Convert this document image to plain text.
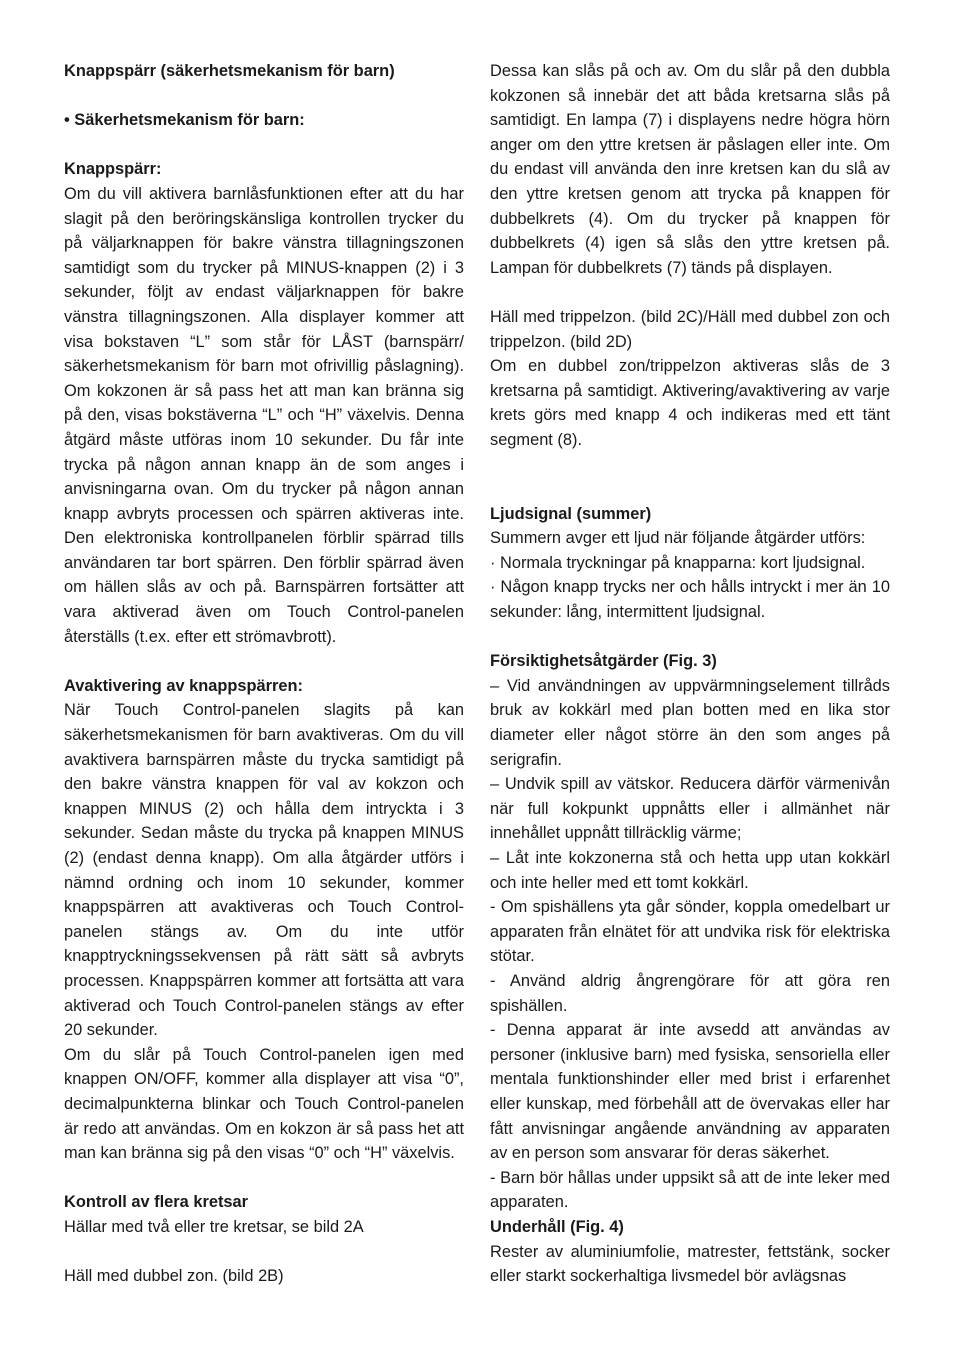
Knappspärr (säkerhetsmekanism för barn)

• Säkerhetsmekanism för barn:

Knappspärr:

Om du vill aktivera barnlåsfunktionen efter att du har slagit på den beröringskänsliga kontrollen trycker du på väljarknappen för bakre vänstra tillagningszonen samtidigt som du trycker på MINUS-knappen (2) i 3 sekunder, följt av endast väljarknappen för bakre vänstra tillagningszonen. Alla displayer kommer att visa bokstaven “L” som står för LÅST (barnspärr/ säkerhetsmekanism för barn mot ofrivillig påslagning). Om kokzonen är så pass het att man kan bränna sig på den, visas bokstäverna “L” och “H” växelvis. Denna åtgärd måste utföras inom 10 sekunder. Du får inte trycka på någon annan knapp än de som anges i anvisningarna ovan. Om du trycker på någon annan knapp avbryts processen och spärren aktiveras inte. Den elektroniska kontrollpanelen förblir spärrad tills användaren tar bort spärren. Den förblir spärrad även om hällen slås av och på. Barnspärren fortsätter att vara aktiverad även om Touch Control-panelen återställs (t.ex. efter ett strömavbrott).

Avaktivering av knappspärren:

När Touch Control-panelen slagits på kan säkerhetsmekanismen för barn avaktiveras. Om du vill avaktivera barnspärren måste du trycka samtidigt på den bakre vänstra knappen för val av kokzon och knappen MINUS (2) och hålla dem intryckta i 3 sekunder. Sedan måste du trycka på knappen MINUS (2) (endast denna knapp). Om alla åtgärder utförs i nämnd ordning och inom 10 sekunder, kommer knappspärren att avaktiveras och Touch Control-panelen stängs av. Om du inte utför knapptryckningssekvensen på rätt sätt så avbryts processen. Knappspärren kommer att fortsätta att vara aktiverad och Touch Control-panelen stängs av efter 20 sekunder.

Om du slår på Touch Control-panelen igen med knappen ON/OFF, kommer alla displayer att visa “0”, decimalpunkterna blinkar och Touch Control-panelen är redo att användas. Om en kokzon är så pass het att man kan bränna sig på den visas “0” och “H” växelvis.

Kontroll av flera kretsar

Hällar med två eller tre kretsar, se bild 2A

Häll med dubbel zon. (bild 2B)

Dessa kan slås på och av. Om du slår på den dubbla kokzonen så innebär det att båda kretsarna slås på samtidigt. En lampa (7) i displayens nedre högra hörn anger om den yttre kretsen är påslagen eller inte. Om du endast vill använda den inre kretsen kan du slå av den yttre kretsen genom att trycka på knappen för dubbelkrets (4). Om du trycker på knappen för dubbelkrets (4) igen så slås den yttre kretsen på. Lampan för dubbelkrets (7) tänds på displayen.

Häll med trippelzon. (bild 2C)/Häll med dubbel zon och trippelzon. (bild 2D)

Om en dubbel zon/trippelzon aktiveras slås de 3 kretsarna på samtidigt. Aktivering/avaktivering av varje krets görs med knapp 4 och indikeras med ett tänt segment (8).

Ljudsignal (summer)

Summern avger ett ljud när följande åtgärder utförs:

· Normala tryckningar på knapparna: kort ljudsignal.

· Någon knapp trycks ner och hålls intryckt i mer än 10 sekunder: lång, intermittent ljudsignal.

Försiktighetsåtgärder (Fig. 3)

– Vid användningen av uppvärmningselement tillråds bruk av kokkärl med plan botten med en lika stor diameter eller något större än den som anges på serigrafin.

– Undvik spill av vätskor. Reducera därför värmenivån när full kokpunkt uppnåtts eller i allmänhet när innehållet uppnått tillräcklig värme;

– Låt inte kokzonerna stå och hetta upp utan kokkärl och inte heller med ett tomt kokkärl.

- Om spishällens yta går sönder, koppla omedelbart ur apparaten från elnätet för att undvika risk för elektriska stötar.

- Använd aldrig ångrengörare för att göra ren spishällen.

- Denna apparat är inte avsedd att användas av personer (inklusive barn) med fysiska, sensoriella eller mentala funktionshinder eller med brist i erfarenhet eller kunskap, med förbehåll att de övervakas eller har fått anvisningar angående användning av apparaten av en person som ansvarar för deras säkerhet.

- Barn bör hållas under uppsikt så att de inte leker med apparaten.

Underhåll (Fig. 4)

Rester av aluminiumfolie, matrester, fettstänk, socker eller starkt sockerhaltiga livsmedel bör avlägsnas
